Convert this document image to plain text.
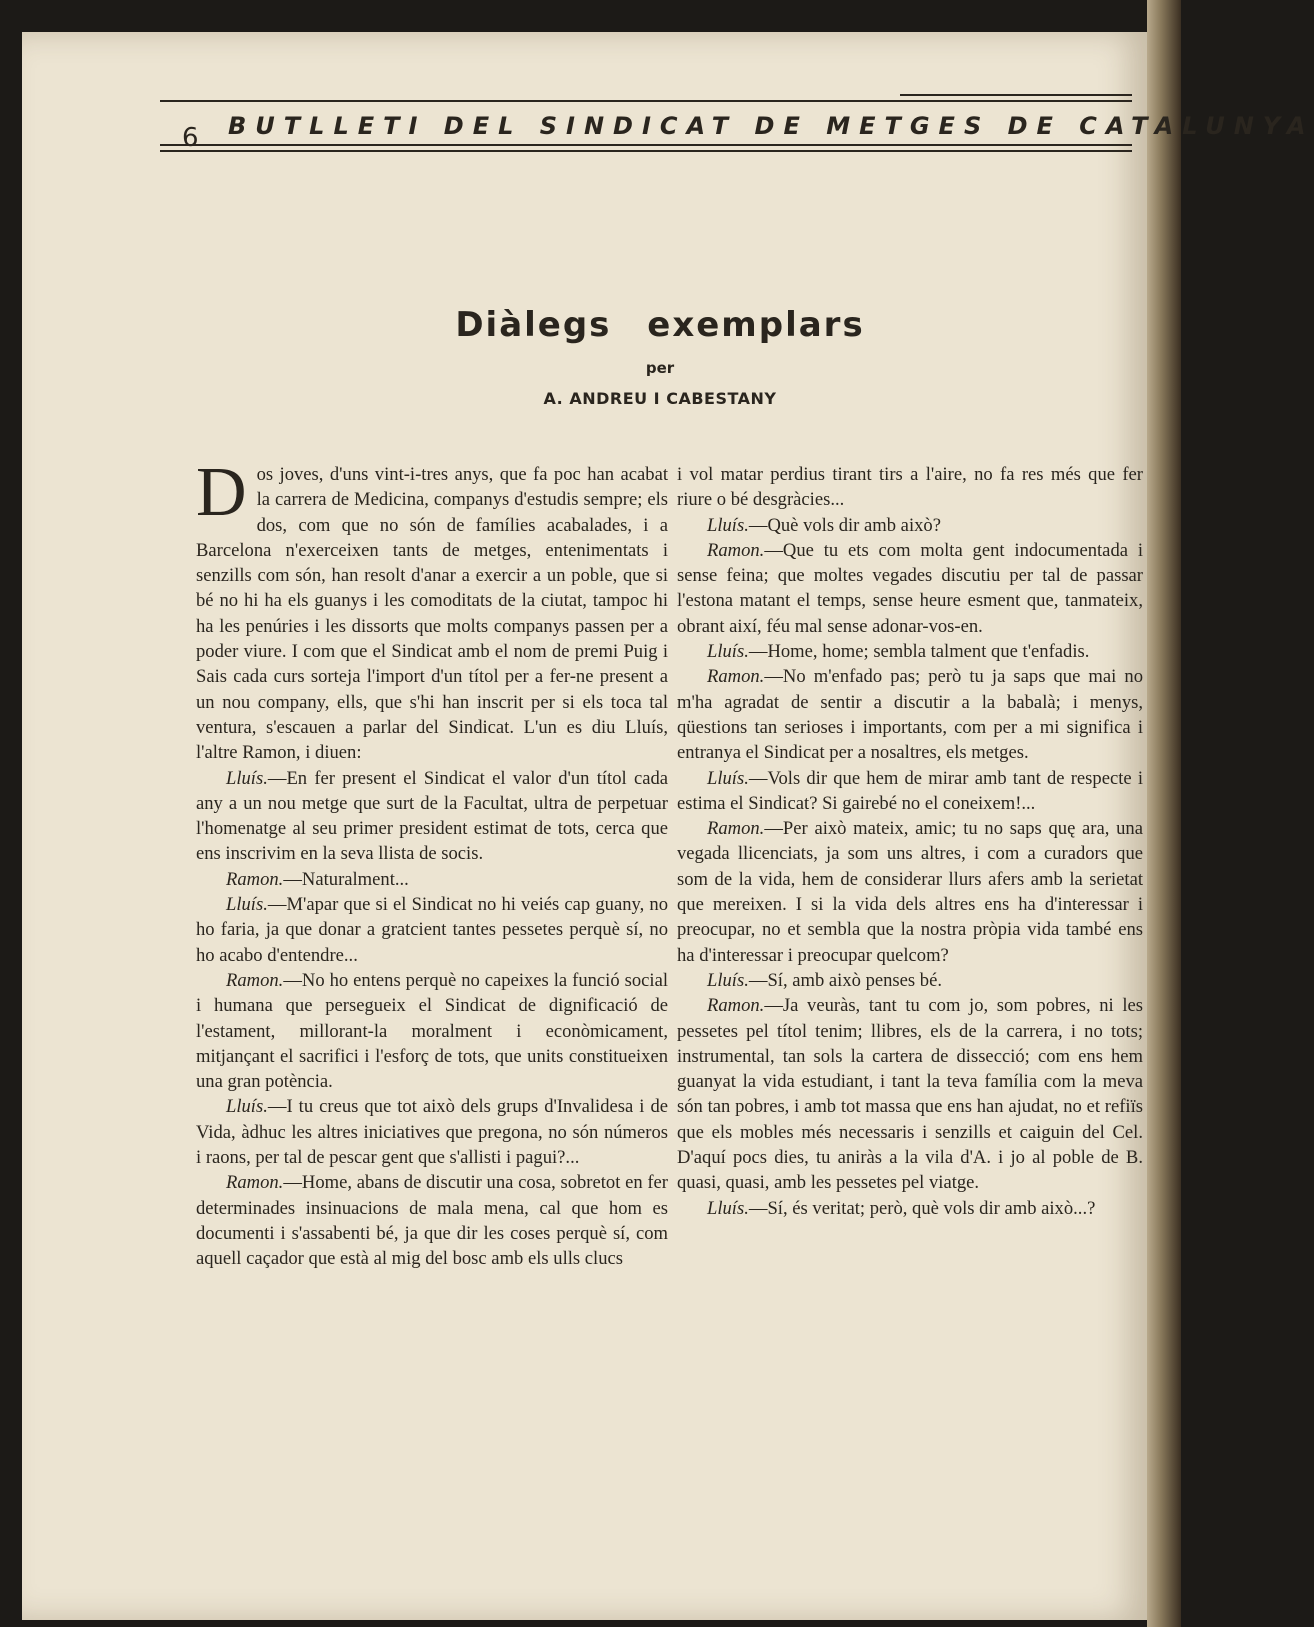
6 BUTLLETI DEL SINDICAT DE METGES DE CATALUNYA
Diàlegs exemplars
per
A. ANDREU I CABESTANY

Dos joves, d'uns vint-i-tres anys, que fa poc han acabat la carrera de Medicina, companys d'estudis sempre; els dos, com que no són de famílies acabalades, i a Barcelona n'exerceixen tants de metges, entenimentats i senzills com són, han resolt d'anar a exercir a un poble, que si bé no hi ha els guanys i les comoditats de la ciutat, tampoc hi ha les penúries i les dissorts que molts companys passen per a poder viure. I com que el Sindicat amb el nom de premi Puig i Sais cada curs sorteja l'import d'un títol per a fer-ne present a un nou company, ells, que s'hi han inscrit per si els toca tal ventura, s'escauen a parlar del Sindicat. L'un es diu Lluís, l'altre Ramon, i diuen:

Lluís.—En fer present el Sindicat el valor d'un títol cada any a un nou metge que surt de la Facultat, ultra de perpetuar l'homenatge al seu primer president estimat de tots, cerca que ens inscrivim en la seva llista de socis.

Ramon.—Naturalment...

Lluís.—M'apar que si el Sindicat no hi veiés cap guany, no ho faria, ja que donar a gratcient tantes pessetes perquè sí, no ho acabo d'entendre...

Ramon.—No ho entens perquè no capeixes la funció social i humana que persegueix el Sindicat de dignificació de l'estament, millorant-la moralment i econòmicament, mitjançant el sacrifici i l'esforç de tots, que units constitueixen una gran potència.

Lluís.—I tu creus que tot això dels grups d'Invalidesa i de Vida, àdhuc les altres iniciatives que pregona, no són números i raons, per tal de pescar gent que s'allisti i pagui?...

Ramon.—Home, abans de discutir una cosa, sobretot en fer determinades insinuacions de mala mena, cal que hom es documenti i s'assabenti bé, ja que dir les coses perquè sí, com aquell caçador que està al mig del bosc amb els ulls clucs

i vol matar perdius tirant tirs a l'aire, no fa res més que fer riure o bé desgràcies...

Lluís.—Què vols dir amb això?

Ramon.—Que tu ets com molta gent indocumentada i sense feina; que moltes vegades discutiu per tal de passar l'estona matant el temps, sense heure esment que, tanmateix, obrant així, féu mal sense adonar-vos-en.

Lluís.—Home, home; sembla talment que t'enfadis.

Ramon.—No m'enfado pas; però tu ja saps que mai no m'ha agradat de sentir a discutir a la babalà; i menys, qüestions tan serioses i importants, com per a mi significa i entranya el Sindicat per a nosaltres, els metges.

Lluís.—Vols dir que hem de mirar amb tant de respecte i estima el Sindicat? Si gairebé no el coneixem!...

Ramon.—Per això mateix, amic; tu no saps quę ara, una vegada llicenciats, ja som uns altres, i com a curadors que som de la vida, hem de considerar llurs afers amb la serietat que mereixen. I si la vida dels altres ens ha d'interessar i preocupar, no et sembla que la nostra pròpia vida també ens ha d'interessar i preocupar quelcom?

Lluís.—Sí, amb això penses bé.

Ramon.—Ja veuràs, tant tu com jo, som pobres, ni les pessetes pel títol tenim; llibres, els de la carrera, i no tots; instrumental, tan sols la cartera de dissecció; com ens hem guanyat la vida estudiant, i tant la teva família com la meva són tan pobres, i amb tot massa que ens han ajudat, no et refiïs que els mobles més necessaris i senzills et caiguin del Cel. D'aquí pocs dies, tu aniràs a la vila d'A. i jo al poble de B. quasi, quasi, amb les pessetes pel viatge.

Lluís.—Sí, és veritat; però, què vols dir amb això...?
